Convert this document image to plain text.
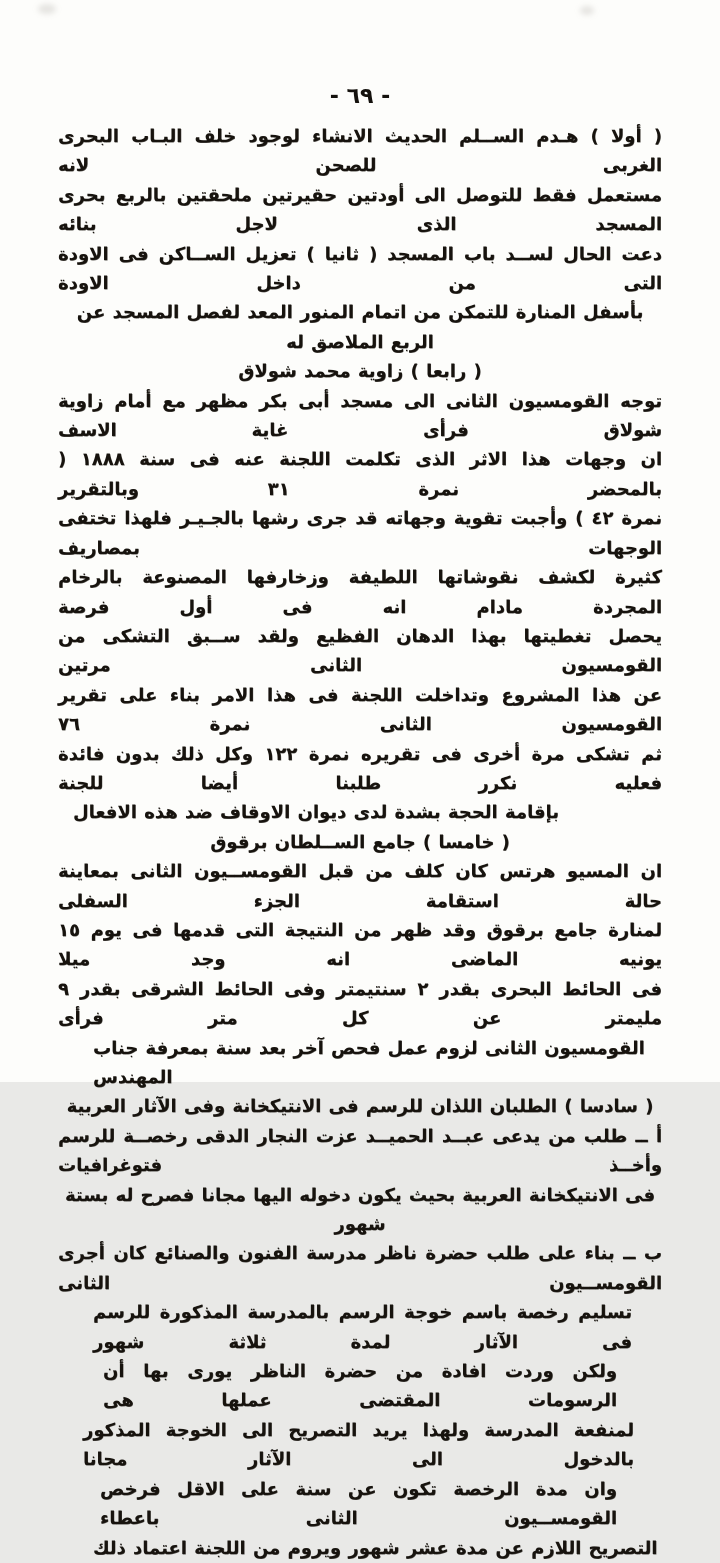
- ٦٩ -
( أولا ) هـدم الســلم الحديث الانشاء لوجود خلف البـاب البحرى الغربى للصحن لانه
مستعمل فقط للتوصل الى أودتين حقيرتين ملحقتين بالربع بحرى المسجد الذى لاجل بنائه
دعت الحال لســد باب المسجد ( ثانيا ) تعزيل الســاكن فى الاودة التى من داخل الاودة
بأسفل المنارة للتمكن من اتمام المنور المعد لفصل المسجد عن الربع الملاصق له
( رابعا ) زاوية محمد شولاق
توجه القومسيون الثانى الى مسجد أبى بكر مظهر مع أمام زاوية شولاق فرأى غاية الاسف
ان وجهات هذا الاثر الذى تكلمت اللجنة عنه فى سنة ١٨٨٨ ( بالمحضر نمرة ٣١ وبالتقرير
نمرة ٤٢ ) وأجبت تقوية وجهاته قد جرى رشها بالجـيـر فلهذا تختفى الوجهات بمصاريف
كثيرة لكشف نقوشاتها اللطيفة وزخارفها المصنوعة بالرخام المجردة مادام انه فى أول فرصة
يحصل تغطيتها بهذا الدهان الفظيع ولقد ســبق التشكى من القومسيون الثانى مرتين
عن هذا المشروع وتداخلت اللجنة فى هذا الامر بناء على تقرير القومسيون الثانى نمرة ٧٦
ثم تشكى مرة أخرى فى تقريره نمرة ١٢٢ وكل ذلك بدون فائدة فعليه نكرر طلبنا أيضا للجنة
بإقامة الحجة بشدة لدى ديوان الاوقاف ضد هذه الافعال
( خامسا ) جامع الســلطان برقوق
ان المسيو هرتس كان كلف من قبل القومســيون الثانى بمعاينة حالة استقامة الجزء السفلى
لمنارة جامع برقوق وقد ظهر من النتيجة التى قدمها فى يوم ١٥ يونيه الماضى انه وجد ميلا
فى الحائط البحرى بقدر ٢ سنتيمتر وفى الحائط الشرقى بقدر ٩ مليمتر عن كل متر فرأى
القومسيون الثانى لزوم عمل فحص آخر بعد سنة بمعرفة جناب المهندس
( سادسا ) الطلبان اللذان للرسم فى الانتيكخانة وفى الآثار العربية
أ ــ طلب من يدعى عبــد الحميــد عزت النجار الدقى رخصــة للرسم وأخــذ فتوغرافيات
فى الانتيكخانة العربية بحيث يكون دخوله اليها مجانا فصرح له بستة شهور
ب ــ بناء على طلب حضرة ناظر مدرسة الفنون والصنائع كان أجرى القومســيون الثانى
تسليم رخصة باسم خوجة الرسم بالمدرسة المذكورة للرسم فى الآثار لمدة ثلاثة شهور
ولكن وردت افادة من حضرة الناظر يورى بها أن الرسومات المقتضى عملها هى
لمنفعة المدرسة ولهذا يريد التصريح الى الخوجة المذكور بالدخول الى الآثار مجانا
وان مدة الرخصة تكون عن سنة على الاقل فرخص القومســيون الثانى باعطاء
التصريح اللازم عن مدة عشر شهور ويروم من اللجنة اعتماد ذلك
